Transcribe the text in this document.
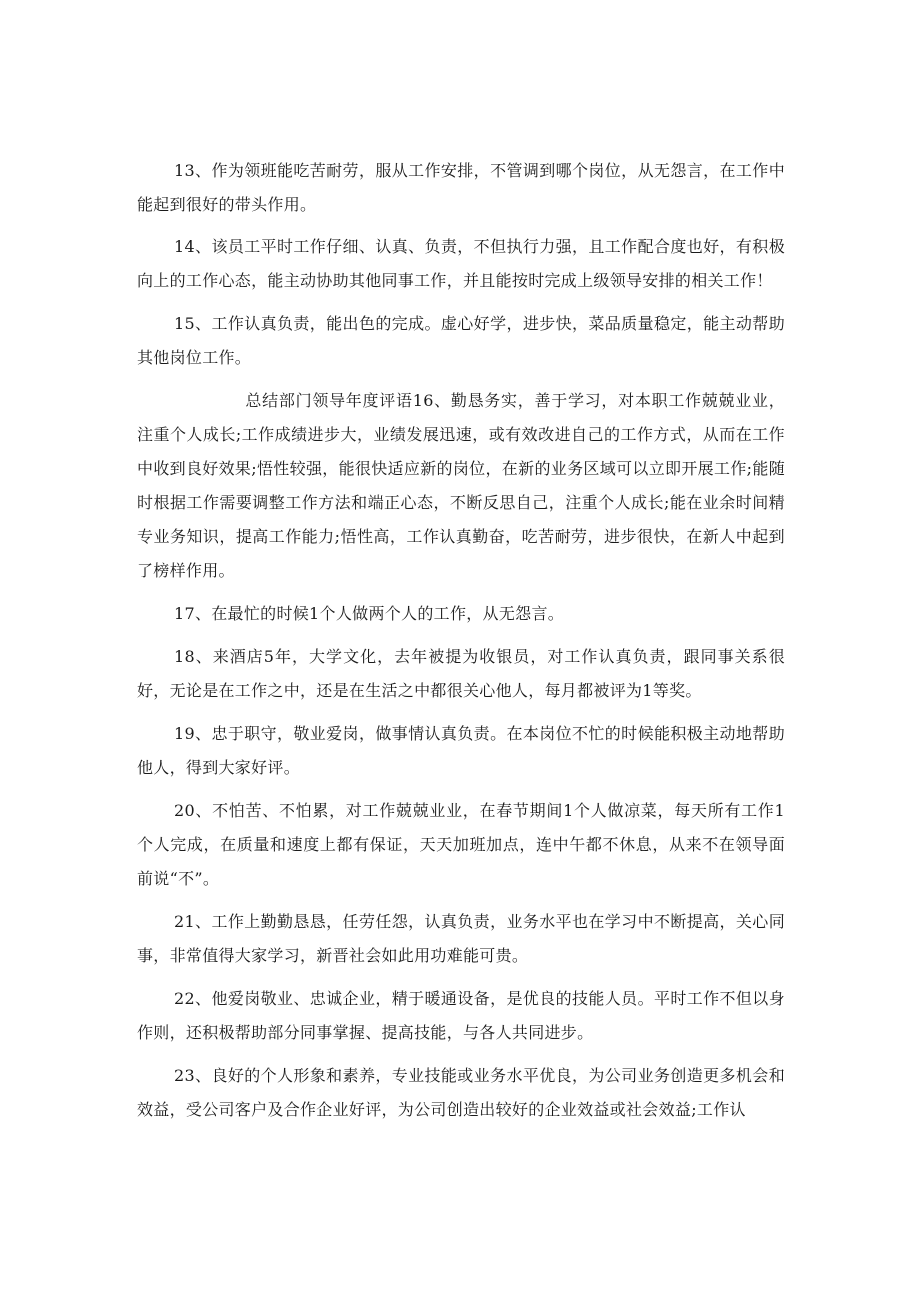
13、作为领班能吃苦耐劳，服从工作安排，不管调到哪个岗位，从无怨言，在工作中能起到很好的带头作用。

14、该员工平时工作仔细、认真、负责，不但执行力强，且工作配合度也好，有积极向上的工作心态，能主动协助其他同事工作，并且能按时完成上级领导安排的相关工作！

15、工作认真负责，能出色的完成。虚心好学，进步快，菜品质量稳定，能主动帮助其他岗位工作。

总结部门领导年度评语16、勤恳务实，善于学习，对本职工作兢兢业业，注重个人成长;工作成绩进步大，业绩发展迅速，或有效改进自己的工作方式，从而在工作中收到良好效果;悟性较强，能很快适应新的岗位，在新的业务区域可以立即开展工作;能随时根据工作需要调整工作方法和端正心态，不断反思自己，注重个人成长;能在业余时间精专业务知识，提高工作能力;悟性高，工作认真勤奋，吃苦耐劳，进步很快，在新人中起到了榜样作用。

17、在最忙的时候1个人做两个人的工作，从无怨言。

18、来酒店5年，大学文化，去年被提为收银员，对工作认真负责，跟同事关系很好，无论是在工作之中，还是在生活之中都很关心他人，每月都被评为1等奖。

19、忠于职守，敬业爱岗，做事情认真负责。在本岗位不忙的时候能积极主动地帮助他人，得到大家好评。

20、不怕苦、不怕累，对工作兢兢业业，在春节期间1个人做凉菜，每天所有工作1个人完成，在质量和速度上都有保证，天天加班加点，连中午都不休息，从来不在领导面前说“不”。

21、工作上勤勤恳恳，任劳任怨，认真负责，业务水平也在学习中不断提高，关心同事，非常值得大家学习，新晋社会如此用功难能可贵。

22、他爱岗敬业、忠诚企业，精于暖通设备，是优良的技能人员。平时工作不但以身作则，还积极帮助部分同事掌握、提高技能，与各人共同进步。

23、良好的个人形象和素养，专业技能或业务水平优良，为公司业务创造更多机会和效益，受公司客户及合作企业好评，为公司创造出较好的企业效益或社会效益;工作认
